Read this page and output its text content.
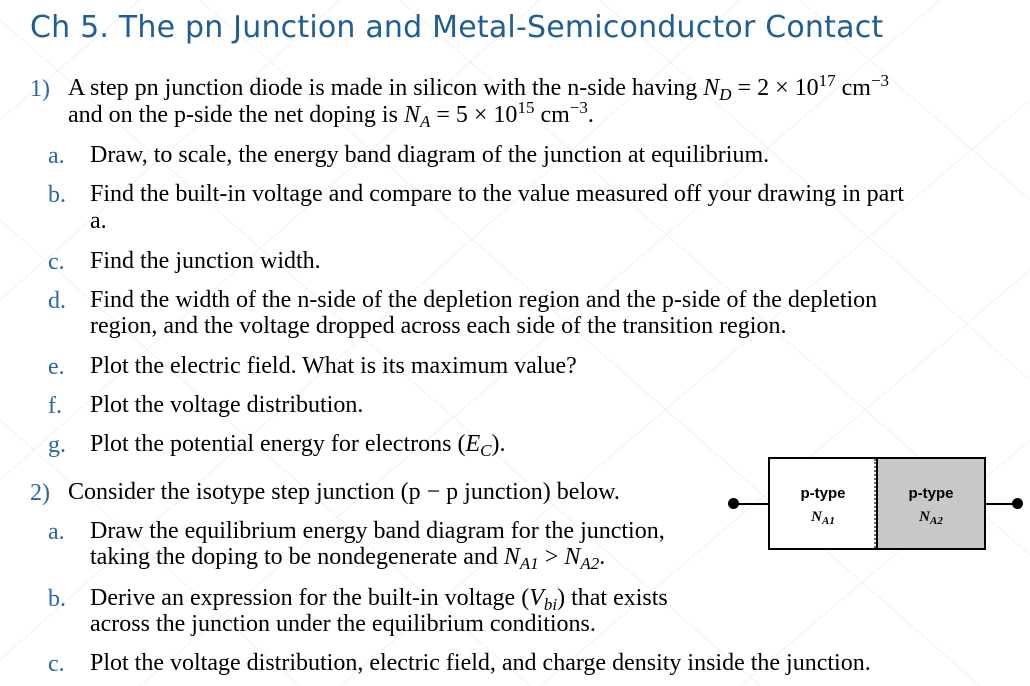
Ch 5. The pn Junction and Metal-Semiconductor Contact
1) A step pn junction diode is made in silicon with the n-side having $N_D = 2 \times 10^{17}$ $cm^{-3}$
and on the p-side the net doping is $N_A = 5 \times 10^{15}$ $cm^{-3}$.
a. Draw, to scale, the energy band diagram of the junction at equilibrium.
b. Find the built-in voltage and compare to the value measured off your drawing in part
a.
c. Find the junction width.
d. Find the width of the n-side of the depletion region and the p-side of the depletion
region, and the voltage dropped across each side of the transition region.
e. Plot the electric field. What is its maximum value?
f. Plot the voltage distribution.
g. Plot the potential energy for electrons $(E_C)$.
2) Consider the isotype step junction (p − p junction) below.
a. Draw the equilibrium energy band diagram for the junction,
taking the doping to be nondegenerate and $N_{A1} > N_{A2}$.
b. Derive an expression for the built-in voltage $(V_{bi})$ that exists
across the junction under the equilibrium conditions.
c. Plot the voltage distribution, electric field, and charge density inside the junction.
p-type
$N_{A1}$
p-type
$N_{A2}$
